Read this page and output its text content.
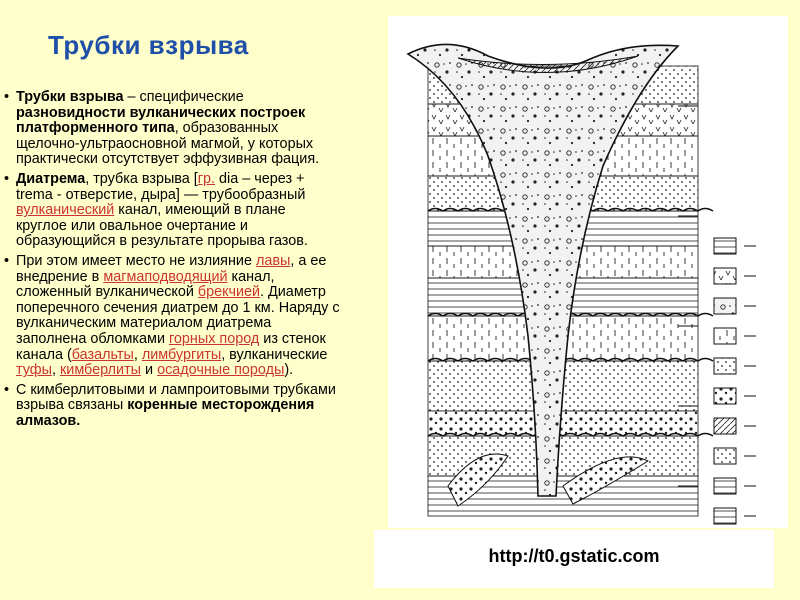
Трубки взрыва

• Трубки взрыва – специфические разновидности вулканических построек платформенного типа, образованных щелочно-ультраосновной магмой, у которых практически отсутствует эффузивная фация.

• Диатрема, трубка взрыва [гр. dia – через + trema - отверстие, дыра] — трубообразный вулканический канал, имеющий в плане круглое или овальное очертание и образующийся в результате прорыва газов.

• При этом имеет место не излияние лавы, а ее внедрение в магмаподводящий канал, сложенный вулканической брекчией. Диаметр поперечного сечения диатрем до 1 км. Наряду с вулканическим материалом диатрема заполнена обломками горных пород из стенок канала (базальты, лимбургиты, вулканические туфы, кимберлиты и осадочные породы).

• С кимберлитовыми и лампроитовыми трубками взрыва связаны коренные месторождения алмазов.

http://t0.gstatic.com
